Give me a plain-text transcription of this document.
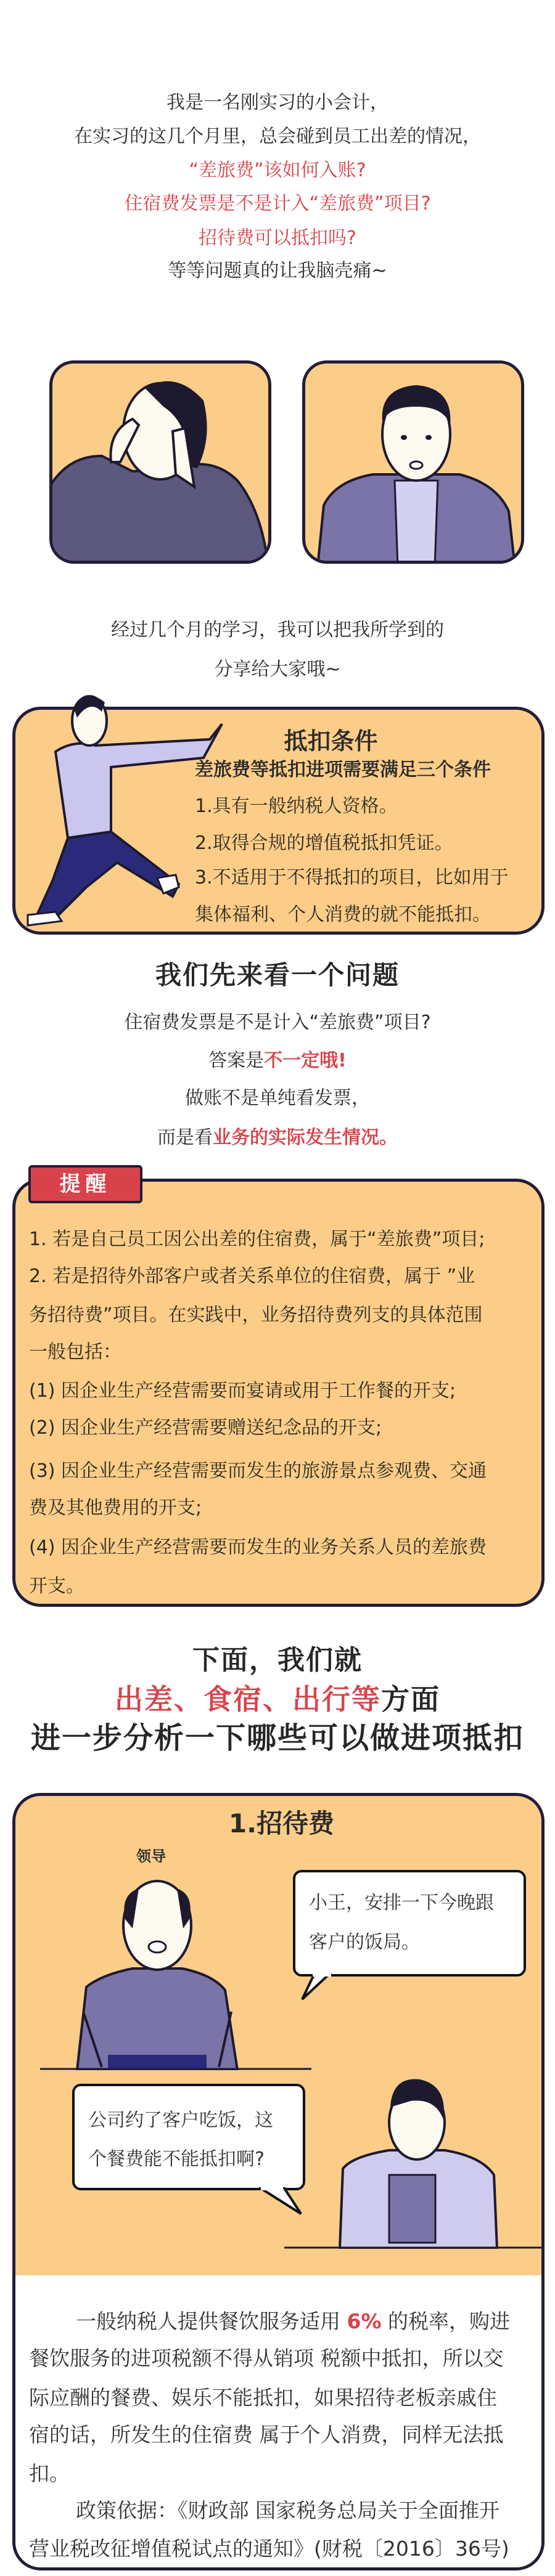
我是一名刚实习的小会计，
在实习的这几个月里，总会碰到员工出差的情况，
“差旅费”该如何入账?
住宿费发票是不是计入“差旅费”项目?
招待费可以抵扣吗?
等等问题真的让我脑壳痛~
经过几个月的学习，我可以把我所学到的
分享给大家哦~
抵扣条件
差旅费等抵扣进项需要满足三个条件
1.具有一般纳税人资格。
2.取得合规的增值税抵扣凭证。
3.不适用于不得抵扣的项目，比如用于
集体福利、个人消费的就不能抵扣。
我们先来看一个问题
住宿费发票是不是计入“差旅费”项目?
答案是不一定哦!
做账不是单纯看发票，
而是看业务的实际发生情况。
1. 若是自己员工因公出差的住宿费，属于“差旅费”项目;
2. 若是招待外部客户或者关系单位的住宿费，属于 ”业
务招待费”项目。在实践中，业务招待费列支的具体范围
一般包括：
(1) 因企业生产经营需要而宴请或用于工作餐的开支;
(2) 因企业生产经营需要赠送纪念品的开支;
(3) 因企业生产经营需要而发生的旅游景点参观费、交通
费及其他费用的开支;
(4) 因企业生产经营需要而发生的业务关系人员的差旅费
开支。
提醒
下面，我们就
出差、食宿、出行等方面
进一步分析一下哪些可以做进项抵扣
1.招待费
领导
小王，安排一下今晚跟
客户的饭局。
公司约了客户吃饭，这
个餐费能不能抵扣啊?
一般纳税人提供餐饮服务适用 6% 的税率，购进
餐饮服务的进项税额不得从销项 税额中抵扣，所以交
际应酬的餐费、娱乐不能抵扣，如果招待老板亲戚住
宿的话，所发生的住宿费 属于个人消费，同样无法抵
扣。
政策依据：《财政部 国家税务总局关于全面推开
营业税改征增值税试点的通知》(财税〔2016〕36号)
